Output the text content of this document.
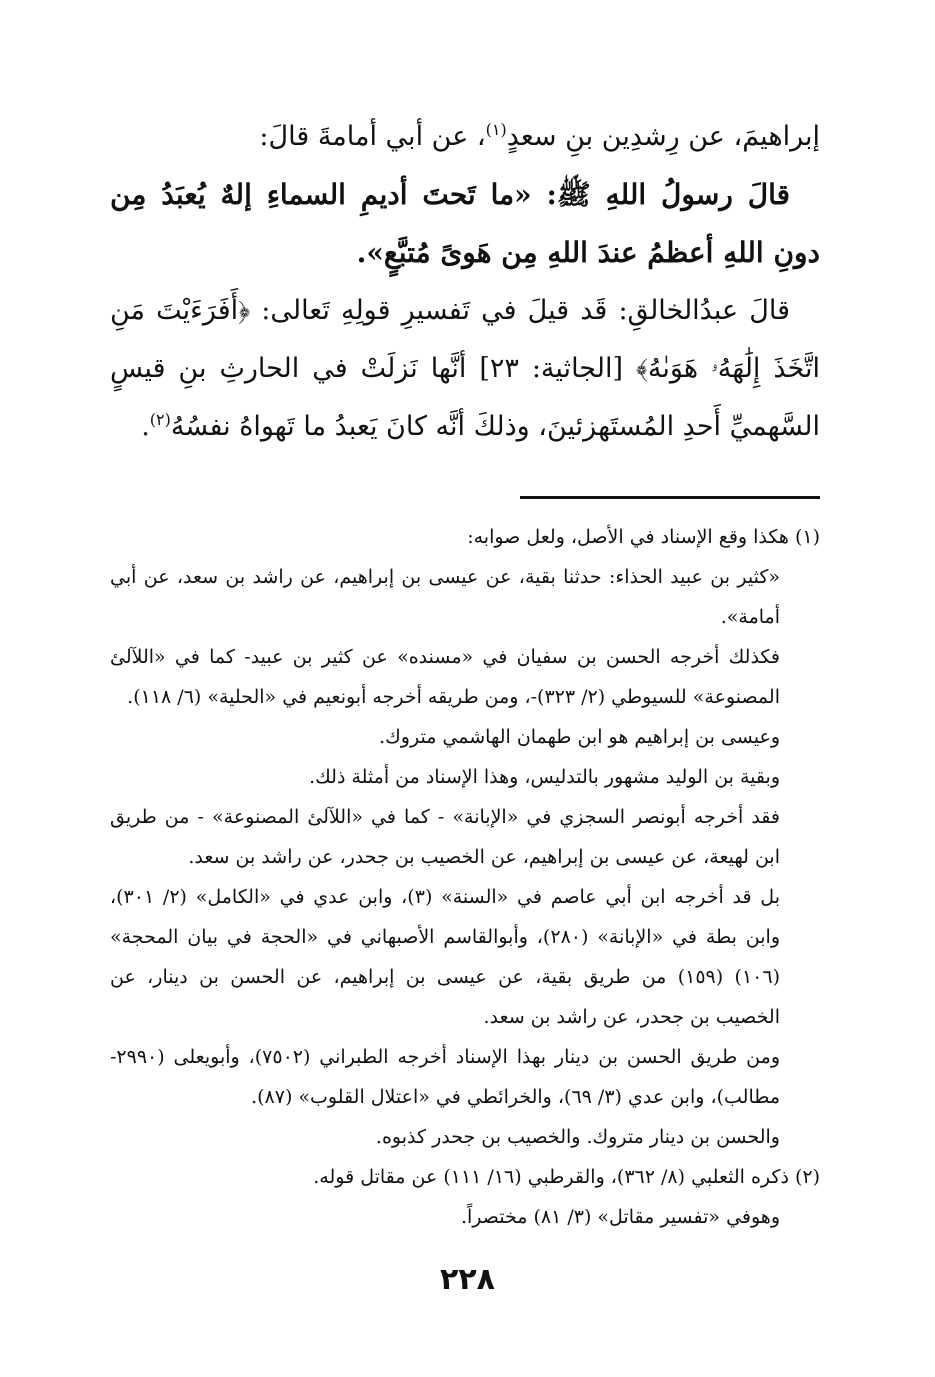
إبراهيمَ، عن رِشدِين بنِ سعدٍ$^{(١)}$، عن أبي أمامةَ قالَ:

قالَ رسولُ اللهِ ﷺ: «ما تَحتَ أديمِ السماءِ إلهٌ يُعبَدُ مِن دونِ اللهِ أعظمُ عندَ اللهِ مِن هَوىً مُتبَّعٍ».

قالَ عبدُالخالقِ: قَد قيلَ في تَفسيرِ قولِهِ تَعالى: ﴿أَفَرَءَيْتَ مَنِ اتَّخَذَ إِلَٰهَهُۥ هَوَىٰهُ﴾ [الجاثية: ٢٣] أنَّها نَزلَتْ في الحارثِ بنِ قيسٍ السَّهميِّ أَحدِ المُستَهزئينَ، وذلكَ أنَّه كانَ يَعبدُ ما تَهواهُ نفسُهُ$^{(٢)}$.

(١) هكذا وقع الإسناد في الأصل، ولعل صوابه:

«كثير بن عبيد الحذاء: حدثنا بقية، عن عيسى بن إبراهيم، عن راشد بن سعد، عن أبي أمامة».

فكذلك أخرجه الحسن بن سفيان في «مسنده» عن كثير بن عبيد- كما في «اللآلئ المصنوعة» للسيوطي (٢/ ٣٢٣)-، ومن طريقه أخرجه أبونعيم في «الحلية» (٦/ ١١٨).

وعيسى بن إبراهيم هو ابن طهمان الهاشمي متروك.

وبقية بن الوليد مشهور بالتدليس، وهذا الإسناد من أمثلة ذلك.

فقد أخرجه أبونصر السجزي في «الإبانة» - كما في «اللآلئ المصنوعة» - من طريق ابن لهيعة، عن عيسى بن إبراهيم، عن الخصيب بن جحدر، عن راشد بن سعد.

بل قد أخرجه ابن أبي عاصم في «السنة» (٣)، وابن عدي في «الكامل» (٢/ ٣٠١)، وابن بطة في «الإبانة» (٢٨٠)، وأبوالقاسم الأصبهاني في «الحجة في بيان المحجة» (١٠٦) (١٥٩) من طريق بقية، عن عيسى بن إبراهيم، عن الحسن بن دينار، عن الخصيب بن جحدر، عن راشد بن سعد.

ومن طريق الحسن بن دينار بهذا الإسناد أخرجه الطبراني (٧٥٠٢)، وأبويعلى (٢٩٩٠- مطالب)، وابن عدي (٣/ ٦٩)، والخرائطي في «اعتلال القلوب» (٨٧).

والحسن بن دينار متروك. والخصيب بن جحدر كذبوه.

(٢) ذكره الثعلبي (٨/ ٣٦٢)، والقرطبي (١٦/ ١١١) عن مقاتل قوله.

وهوفي «تفسير مقاتل» (٣/ ٨١) مختصراً.

٢٢٨
